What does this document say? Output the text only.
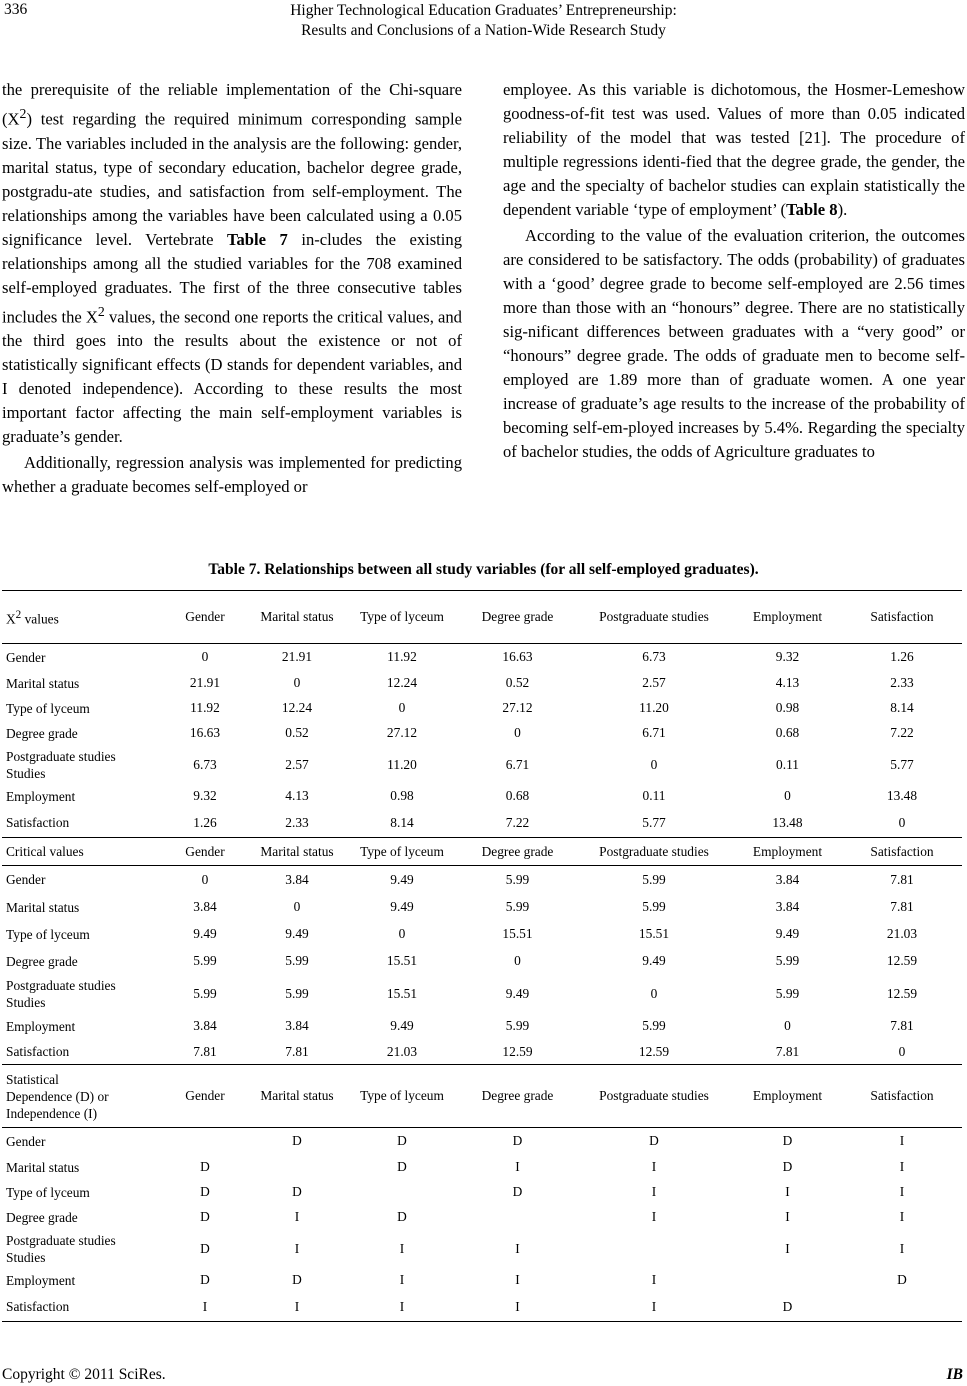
336	Higher Technological Education Graduates’ Entrepreneurship:
Results and Conclusions of a Nation-Wide Research Study

the prerequisite of the reliable implementation of the Chi-square $(X^2)$ test regarding the required minimum corresponding sample size. The variables included in the analysis are the following: gender, marital status, type of secondary education, bachelor degree grade, postgradu-ate studies, and satisfaction from self-employment. The relationships among the variables have been calculated using a 0.05 significance level. Vertebrate Table 7 in-cludes the existing relationships among all the studied variables for the 708 examined self-employed graduates. The first of the three consecutive tables includes the $X^2$ values, the second one reports the critical values, and the third goes into the results about the existence or not of statistically significant effects (D stands for dependent variables, and I denoted independence). According to these results the most important factor affecting the main self-employment variables is graduate’s gender.

Additionally, regression analysis was implemented for predicting whether a graduate becomes self-employed or

employee. As this variable is dichotomous, the Hosmer-Lemeshow goodness-of-fit test was used. Values of more than 0.05 indicated reliability of the model that was tested [21]. The procedure of multiple regressions identi-fied that the degree grade, the gender, the age and the specialty of bachelor studies can explain statistically the dependent variable ‘type of employment’ (Table 8).

According to the value of the evaluation criterion, the outcomes are considered to be satisfactory. The odds (probability) of graduates with a ‘good’ degree grade to become self-employed are 2.56 times more than those with an “honours” degree. There are no statistically sig-nificant differences between graduates with a “very good” or “honours” degree grade. The odds of graduate men to become self-employed are 1.89 more than of graduate women. A one year increase of graduate’s age results to the increase of the probability of becoming self-em-ployed increases by 5.4%. Regarding the specialty of bachelor studies, the odds of Agriculture graduates to

Table 7. Relationships between all study variables (for all self-employed graduates).
$X^2$ values	Gender	Marital status	Type of lyceum	Degree grade	Postgraduate studies	Employment	Satisfaction
Gender	0	21.91	11.92	16.63	6.73	9.32	1.26
Marital status	21.91	0	12.24	0.52	2.57	4.13	2.33
Type of lyceum	11.92	12.24	0	27.12	11.20	0.98	8.14
Degree grade	16.63	0.52	27.12	0	6.71	0.68	7.22

Postgraduate studies
Studies	6.73	2.57	11.20	6.71	0	0.11	5.77
Employment	9.32	4.13	0.98	0.68	0.11	0	13.48
Satisfaction	1.26	2.33	8.14	7.22	5.77	13.48	0
Critical values	Gender	Marital status	Type of lyceum	Degree grade	Postgraduate studies	Employment	Satisfaction
Gender	0	3.84	9.49	5.99	5.99	3.84	7.81
Marital status	3.84	0	9.49	5.99	5.99	3.84	7.81
Type of lyceum	9.49	9.49	0	15.51	15.51	9.49	21.03
Degree grade	5.99	5.99	15.51	0	9.49	5.99	12.59

Postgraduate studies
Studies	5.99	5.99	15.51	9.49	0	5.99	12.59
Employment	3.84	3.84	9.49	5.99	5.99	0	7.81
Satisfaction	7.81	7.81	21.03	12.59	12.59	7.81	0

Statistical
Dependence (D) or
Independence (I)	Gender	Marital status	Type of lyceum	Degree grade	Postgraduate studies	Employment	Satisfaction
Gender		D	D	D	D	D	I
Marital status	D		D	I	I	D	I
Type of lyceum	D	D		D	I	I	I
Degree grade	D	I	D		I	I	I

Postgraduate studies
Studies	D	I	I	I		I	I
Employment	D	D	I	I	I		D
Satisfaction	I	I	I	I	I	D	
Copyright © 2011 SciRes.	IB
